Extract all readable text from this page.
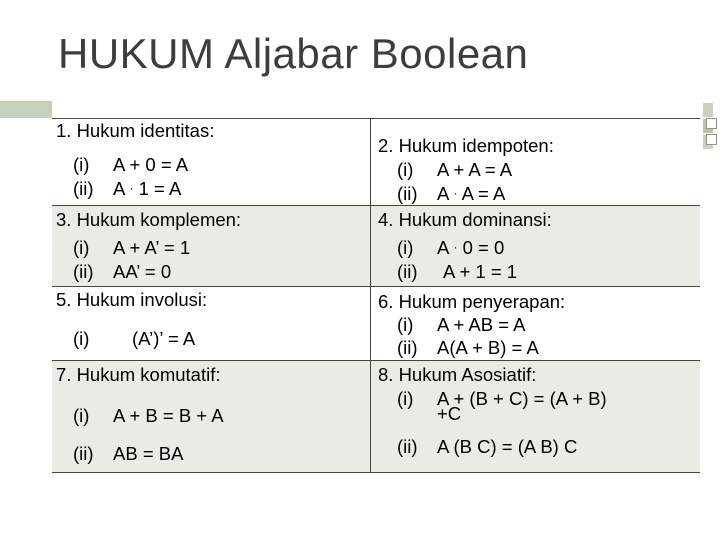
HUKUM Aljabar Boolean
1. Hukum identitas:
(i) A + 0 = A
(ii) A · 1 = A
2. Hukum idempoten:
(i) A + A = A
(ii) A · A = A
3. Hukum komplemen:
(i) A + A’ = 1
(ii) AA’ = 0
4. Hukum dominansi:
(i) A · 0 = 0
(ii) A + 1 = 1
5. Hukum involusi:
(i) (A’)’ = A
6. Hukum penyerapan:
(i) A + AB = A
(ii) A(A + B) = A
7. Hukum komutatif:
(i) A + B = B + A
(ii) AB = BA
8. Hukum Asosiatif:
(i) A + (B + C) = (A + B)
+C
(ii) A (B C) = (A B) C
